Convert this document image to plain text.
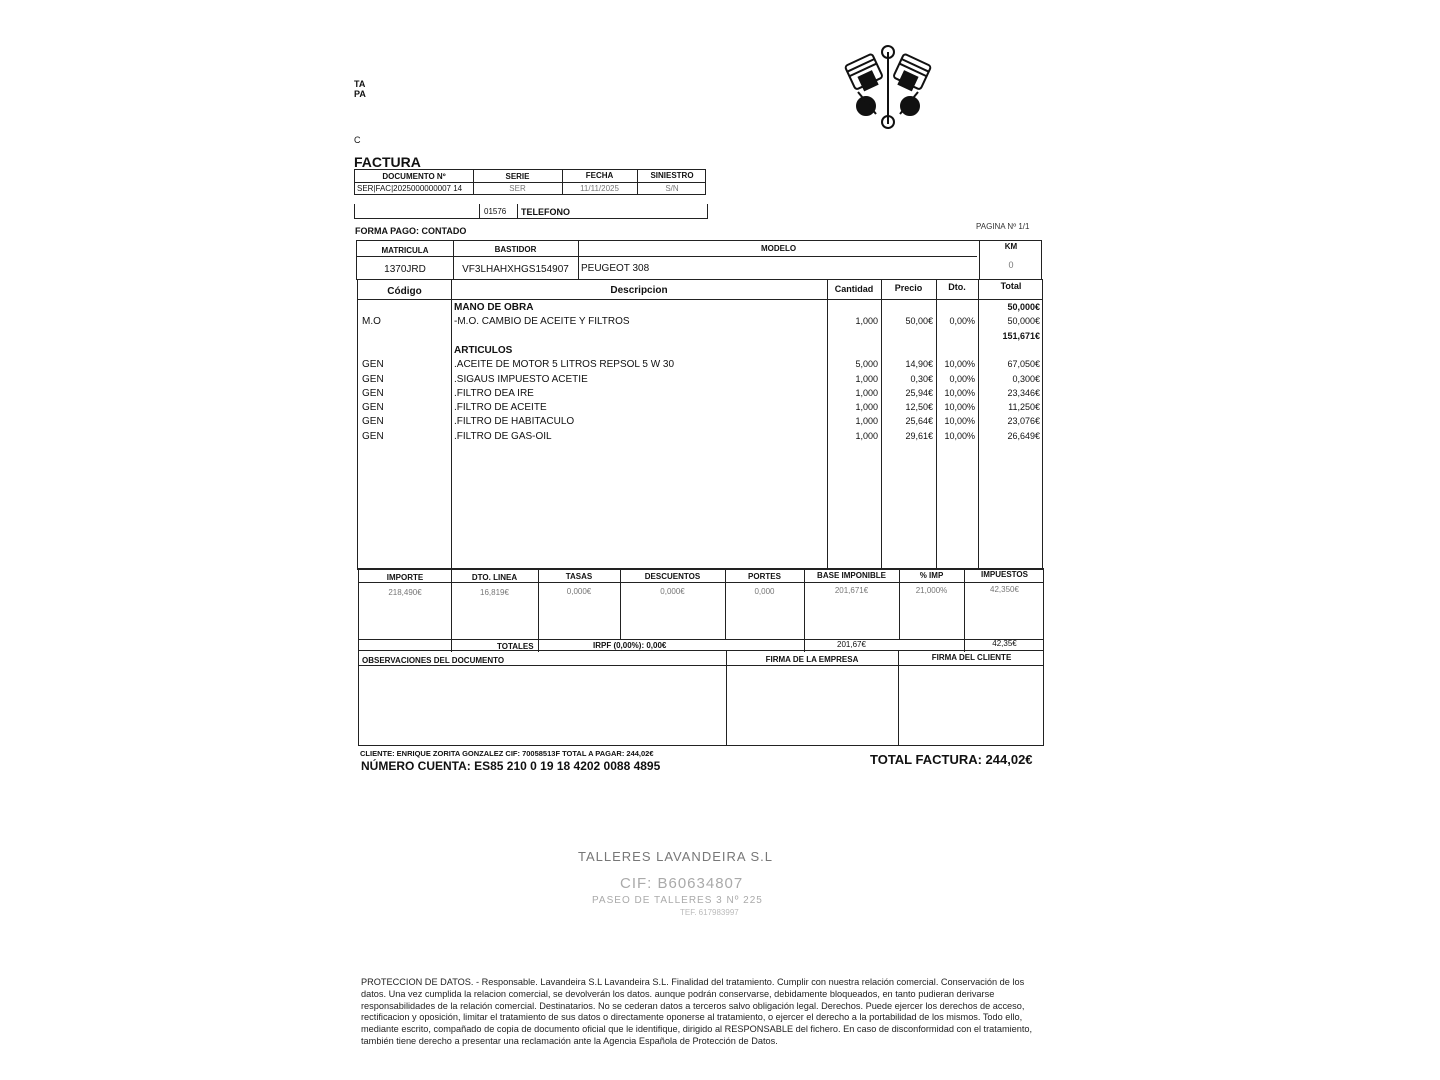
TA
PA
C
FACTURA
DOCUMENTO Nº	SERIE	FECHA	SINIESTRO
SER|FAC|2025000000007 14	SER	11/11/2025	S/N
01576 TELEFONO
PAGINA Nº 1/1
FORMA PAGO: CONTADO
MATRICULA	BASTIDOR	MODELO	KM
1370JRD	VF3LHAHXHGS154907	PEUGEOT 308	0
Código	Descripcion	Cantidad	Precio	Dto.	Total
MANO DE OBRA	50,000€
M.O	-M.O. CAMBIO DE ACEITE Y FILTROS	1,000	50,00€	0,00%	50,000€
151,671€
ARTICULOS
GEN	.ACEITE DE MOTOR 5 LITROS REPSOL 5 W 30	5,000	14,90€	10,00%	67,050€
GEN	.SIGAUS IMPUESTO ACETIE	1,000	0,30€	0,00%	0,300€
GEN	.FILTRO DEA IRE	1,000	25,94€	10,00%	23,346€
GEN	.FILTRO DE ACEITE	1,000	12,50€	10,00%	11,250€
GEN	.FILTRO DE HABITACULO	1,000	25,64€	10,00%	23,076€
GEN	.FILTRO DE GAS-OIL	1,000	29,61€	10,00%	26,649€
IMPORTE	DTO. LINEA	TASAS	DESCUENTOS	PORTES	BASE IMPONIBLE	% IMP	IMPUESTOS
218,490€	16,819€	0,000€	0,000€	0,000	201,671€	21,000%	42,350€
TOTALES	IRPF (0,00%): 0,00€	201,67€	42,35€
OBSERVACIONES DEL DOCUMENTO	FIRMA DE LA EMPRESA	FIRMA DEL CLIENTE
CLIENTE: ENRIQUE ZORITA GONZALEZ CIF: 70058513F TOTAL A PAGAR: 244,02€
NÚMERO CUENTA: ES85 210 0 19 18 4202 0088 4895	TOTAL FACTURA: 244,02€
TALLERES LAVANDEIRA S.L
CIF: B60634807
PASEO DE TALLERES 3 Nº 225
TEF. 617983997
PROTECCION DE DATOS. - Responsable. Lavandeira S.L Lavandeira S.L. Finalidad del tratamiento. Cumplir con nuestra relación comercial. Conservación de los datos. Una vez cumplida la relacion comercial, se devolverán los datos. aunque podrán conservarse, debidamente bloqueados, en tanto pudieran derivarse responsabilidades de la relación comercial. Destinatarios. No se cederan datos a terceros salvo obligación legal. Derechos. Puede ejercer los derechos de acceso, rectificacion y oposición, limitar el tratamiento de sus datos o directamente oponerse al tratamiento, o ejercer el derecho a la portabilidad de los mismos. Todo ello, mediante escrito, compañado de copia de documento oficial que le identifique, dirigido al RESPONSABLE del fichero. En caso de disconformidad con el tratamiento, también tiene derecho a presentar una reclamación ante la Agencia Española de Protección de Datos.
